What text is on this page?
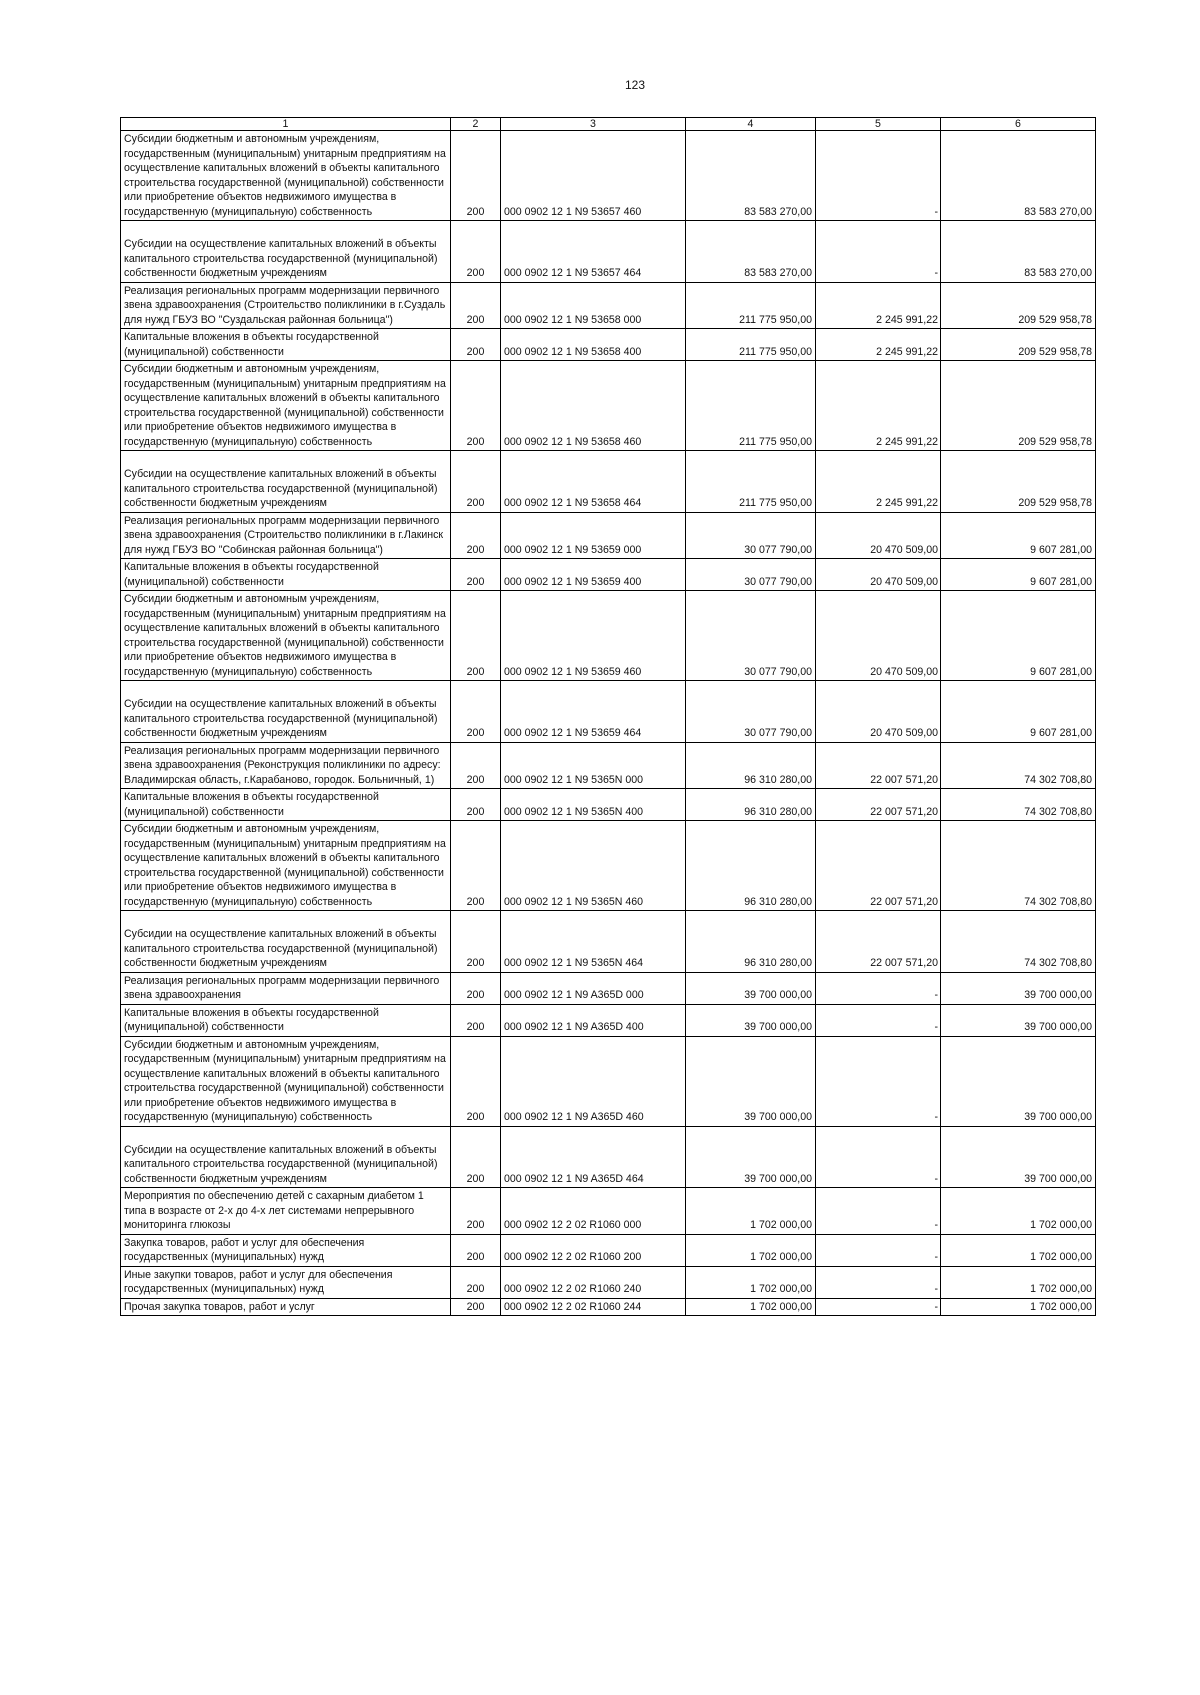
123
1	2	3	4	5	6
Субсидии бюджетным и автономным учреждениям, государственным (муниципальным) унитарным предприятиям на осуществление капитальных вложений в объекты капитального строительства государственной (муниципальной) собственности или приобретение объектов недвижимого имущества в государственную (муниципальную) собственность	200	000 0902 12 1 N9 53657 460	83 583 270,00	-	83 583 270,00
Субсидии на осуществление капитальных вложений в объекты капитального строительства государственной (муниципальной) собственности бюджетным учреждениям	200	000 0902 12 1 N9 53657 464	83 583 270,00	-	83 583 270,00
Реализация региональных программ модернизации первичного звена здравоохранения (Строительство поликлиники в г.Суздаль для нужд ГБУЗ ВО "Суздальская районная больница")	200	000 0902 12 1 N9 53658 000	211 775 950,00	2 245 991,22	209 529 958,78
Капитальные вложения в объекты государственной (муниципальной) собственности	200	000 0902 12 1 N9 53658 400	211 775 950,00	2 245 991,22	209 529 958,78
Субсидии бюджетным и автономным учреждениям, государственным (муниципальным) унитарным предприятиям на осуществление капитальных вложений в объекты капитального строительства государственной (муниципальной) собственности или приобретение объектов недвижимого имущества в государственную (муниципальную) собственность	200	000 0902 12 1 N9 53658 460	211 775 950,00	2 245 991,22	209 529 958,78
Субсидии на осуществление капитальных вложений в объекты капитального строительства государственной (муниципальной) собственности бюджетным учреждениям	200	000 0902 12 1 N9 53658 464	211 775 950,00	2 245 991,22	209 529 958,78
Реализация региональных программ модернизации первичного звена здравоохранения (Строительство поликлиники в г.Лакинск для нужд ГБУЗ ВО "Собинская районная больница")	200	000 0902 12 1 N9 53659 000	30 077 790,00	20 470 509,00	9 607 281,00
Капитальные вложения в объекты государственной (муниципальной) собственности	200	000 0902 12 1 N9 53659 400	30 077 790,00	20 470 509,00	9 607 281,00
Субсидии бюджетным и автономным учреждениям, государственным (муниципальным) унитарным предприятиям на осуществление капитальных вложений в объекты капитального строительства государственной (муниципальной) собственности или приобретение объектов недвижимого имущества в государственную (муниципальную) собственность	200	000 0902 12 1 N9 53659 460	30 077 790,00	20 470 509,00	9 607 281,00
Субсидии на осуществление капитальных вложений в объекты капитального строительства государственной (муниципальной) собственности бюджетным учреждениям	200	000 0902 12 1 N9 53659 464	30 077 790,00	20 470 509,00	9 607 281,00
Реализация региональных программ модернизации первичного звена здравоохранения (Реконструкция поликлиники по адресу: Владимирская область, г.Карабаново, городок. Больничный, 1)	200	000 0902 12 1 N9 5365N 000	96 310 280,00	22 007 571,20	74 302 708,80
Капитальные вложения в объекты государственной (муниципальной) собственности	200	000 0902 12 1 N9 5365N 400	96 310 280,00	22 007 571,20	74 302 708,80
Субсидии бюджетным и автономным учреждениям, государственным (муниципальным) унитарным предприятиям на осуществление капитальных вложений в объекты капитального строительства государственной (муниципальной) собственности или приобретение объектов недвижимого имущества в государственную (муниципальную) собственность	200	000 0902 12 1 N9 5365N 460	96 310 280,00	22 007 571,20	74 302 708,80
Субсидии на осуществление капитальных вложений в объекты капитального строительства государственной (муниципальной) собственности бюджетным учреждениям	200	000 0902 12 1 N9 5365N 464	96 310 280,00	22 007 571,20	74 302 708,80
Реализация региональных программ модернизации первичного звена здравоохранения	200	000 0902 12 1 N9 A365D 000	39 700 000,00	-	39 700 000,00
Капитальные вложения в объекты государственной (муниципальной) собственности	200	000 0902 12 1 N9 A365D 400	39 700 000,00	-	39 700 000,00
Субсидии бюджетным и автономным учреждениям, государственным (муниципальным) унитарным предприятиям на осуществление капитальных вложений в объекты капитального строительства государственной (муниципальной) собственности или приобретение объектов недвижимого имущества в государственную (муниципальную) собственность	200	000 0902 12 1 N9 A365D 460	39 700 000,00	-	39 700 000,00
Субсидии на осуществление капитальных вложений в объекты капитального строительства государственной (муниципальной) собственности бюджетным учреждениям	200	000 0902 12 1 N9 A365D 464	39 700 000,00	-	39 700 000,00
Мероприятия по обеспечению детей с сахарным диабетом 1 типа в возрасте от 2-х до 4-х лет системами непрерывного мониторинга глюкозы	200	000 0902 12 2 02 R1060 000	1 702 000,00	-	1 702 000,00
Закупка товаров, работ и услуг для обеспечения государственных (муниципальных) нужд	200	000 0902 12 2 02 R1060 200	1 702 000,00	-	1 702 000,00
Иные закупки товаров, работ и услуг для обеспечения государственных (муниципальных) нужд	200	000 0902 12 2 02 R1060 240	1 702 000,00	-	1 702 000,00
Прочая закупка товаров, работ и услуг	200	000 0902 12 2 02 R1060 244	1 702 000,00	-	1 702 000,00
